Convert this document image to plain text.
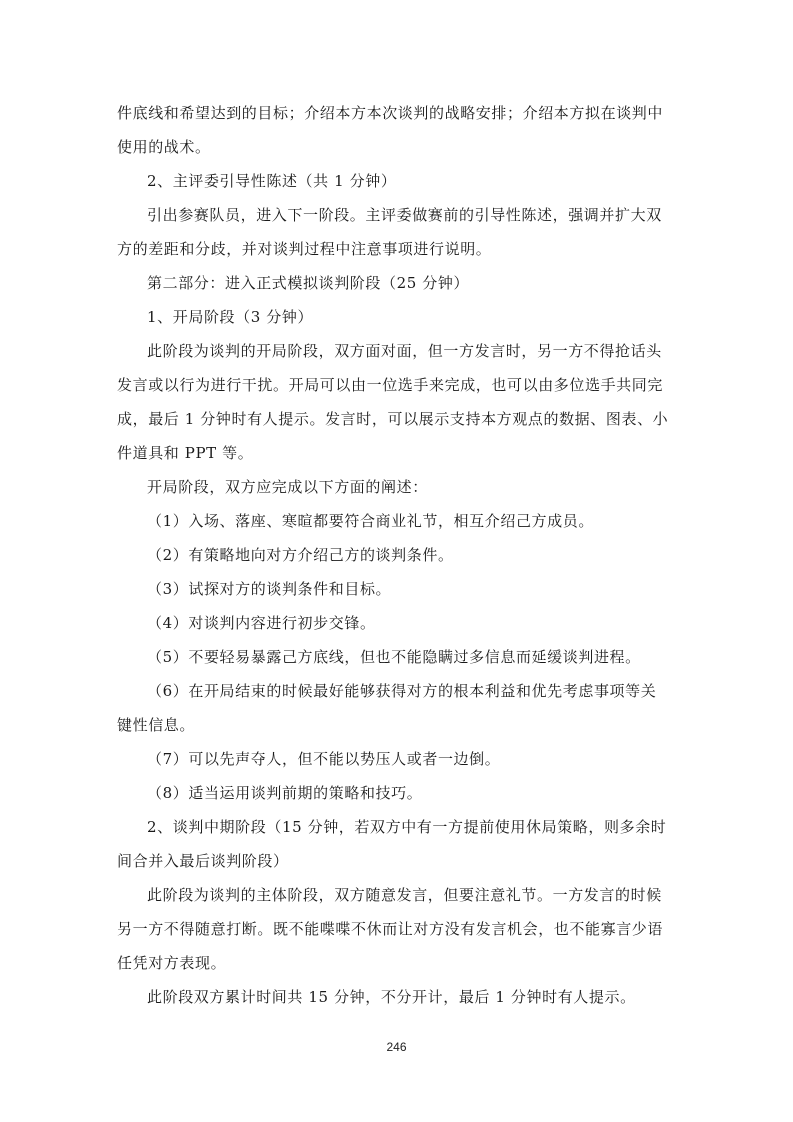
件底线和希望达到的目标；介绍本方本次谈判的战略安排；介绍本方拟在谈判中
使用的战术。
2、主评委引导性陈述（共 1 分钟）
引出参赛队员，进入下一阶段。主评委做赛前的引导性陈述，强调并扩大双
方的差距和分歧，并对谈判过程中注意事项进行说明。
第二部分：进入正式模拟谈判阶段（25 分钟）
1、开局阶段（3 分钟）
此阶段为谈判的开局阶段，双方面对面，但一方发言时，另一方不得抢话头
发言或以行为进行干扰。开局可以由一位选手来完成，也可以由多位选手共同完
成，最后 1 分钟时有人提示。发言时，可以展示支持本方观点的数据、图表、小
件道具和 PPT 等。
开局阶段，双方应完成以下方面的阐述：
（1）入场、落座、寒暄都要符合商业礼节，相互介绍己方成员。
（2）有策略地向对方介绍己方的谈判条件。
（3）试探对方的谈判条件和目标。
（4）对谈判内容进行初步交锋。
（5）不要轻易暴露己方底线，但也不能隐瞒过多信息而延缓谈判进程。
（6）在开局结束的时候最好能够获得对方的根本利益和优先考虑事项等关
键性信息。
（7）可以先声夺人，但不能以势压人或者一边倒。
（8）适当运用谈判前期的策略和技巧。
2、谈判中期阶段（15 分钟，若双方中有一方提前使用休局策略，则多余时
间合并入最后谈判阶段）
此阶段为谈判的主体阶段，双方随意发言，但要注意礼节。一方发言的时候
另一方不得随意打断。既不能喋喋不休而让对方没有发言机会，也不能寡言少语
任凭对方表现。
此阶段双方累计时间共 15 分钟，不分开计，最后 1 分钟时有人提示。
246
